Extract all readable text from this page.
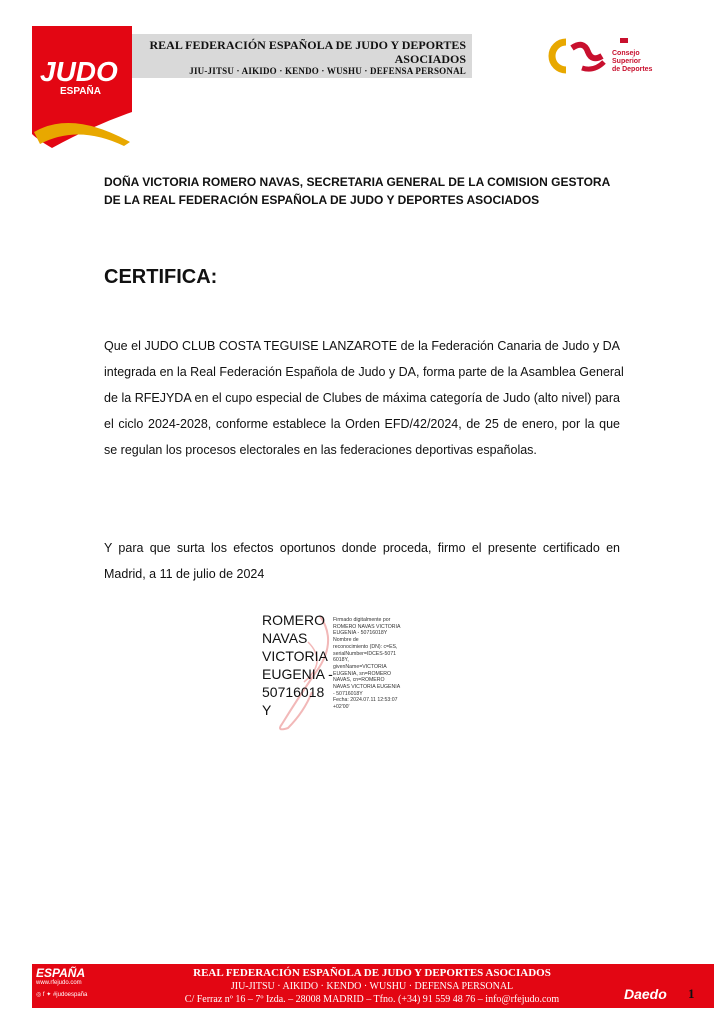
JUDO
ESPAÑA
REAL FEDERACIÓN ESPAÑOLA DE JUDO Y DEPORTES ASOCIADOS
JIU-JITSU · AIKIDO · KENDO · WUSHU · DEFENSA PERSONAL
Consejo
Superior
de Deportes
DOÑA VICTORIA ROMERO NAVAS, SECRETARIA GENERAL DE LA COMISION GESTORA
DE LA REAL FEDERACIÓN ESPAÑOLA DE JUDO Y DEPORTES ASOCIADOS
CERTIFICA:
Que el JUDO CLUB COSTA TEGUISE LANZAROTE de la Federación Canaria de Judo y DA
integrada en la Real Federación Española de Judo y DA, forma parte de la Asamblea General
de la RFEJYDA en el cupo especial de Clubes de máxima categoría de Judo (alto nivel) para
el ciclo 2024-2028, conforme establece la Orden EFD/42/2024, de 25 de enero, por la que
se regulan los procesos electorales en las federaciones deportivas españolas.
Y para que surta los efectos oportunos donde proceda, firmo el presente certificado en
Madrid, a 11 de julio de 2024
ROMERO
NAVAS
VICTORIA
EUGENIA -
50716018
Y
Firmado digitalmente por
ROMERO NAVAS VICTORIA
EUGENIA - 50716018Y
Nombre de
reconocimiento (DN): c=ES,
serialNumber=IDCES-5071
6018Y,
givenName=VICTORIA
EUGENIA, sn=ROMERO
NAVAS, cn=ROMERO
NAVAS VICTORIA EUGENIA
- 50716018Y
Fecha: 2024.07.11 12:53:07
+02'00'
ESPAÑA
www.rfejudo.com
◎ f ✦ #judoespaña
REAL FEDERACIÓN ESPAÑOLA DE JUDO Y DEPORTES ASOCIADOS
JIU-JITSU · AIKIDO · KENDO · WUSHU · DEFENSA PERSONAL
C/ Ferraz nº 16 – 7º Izda. – 28008 MADRID – Tfno. (+34) 91 559 48 76 – info@rfejudo.com	Daedo 1
